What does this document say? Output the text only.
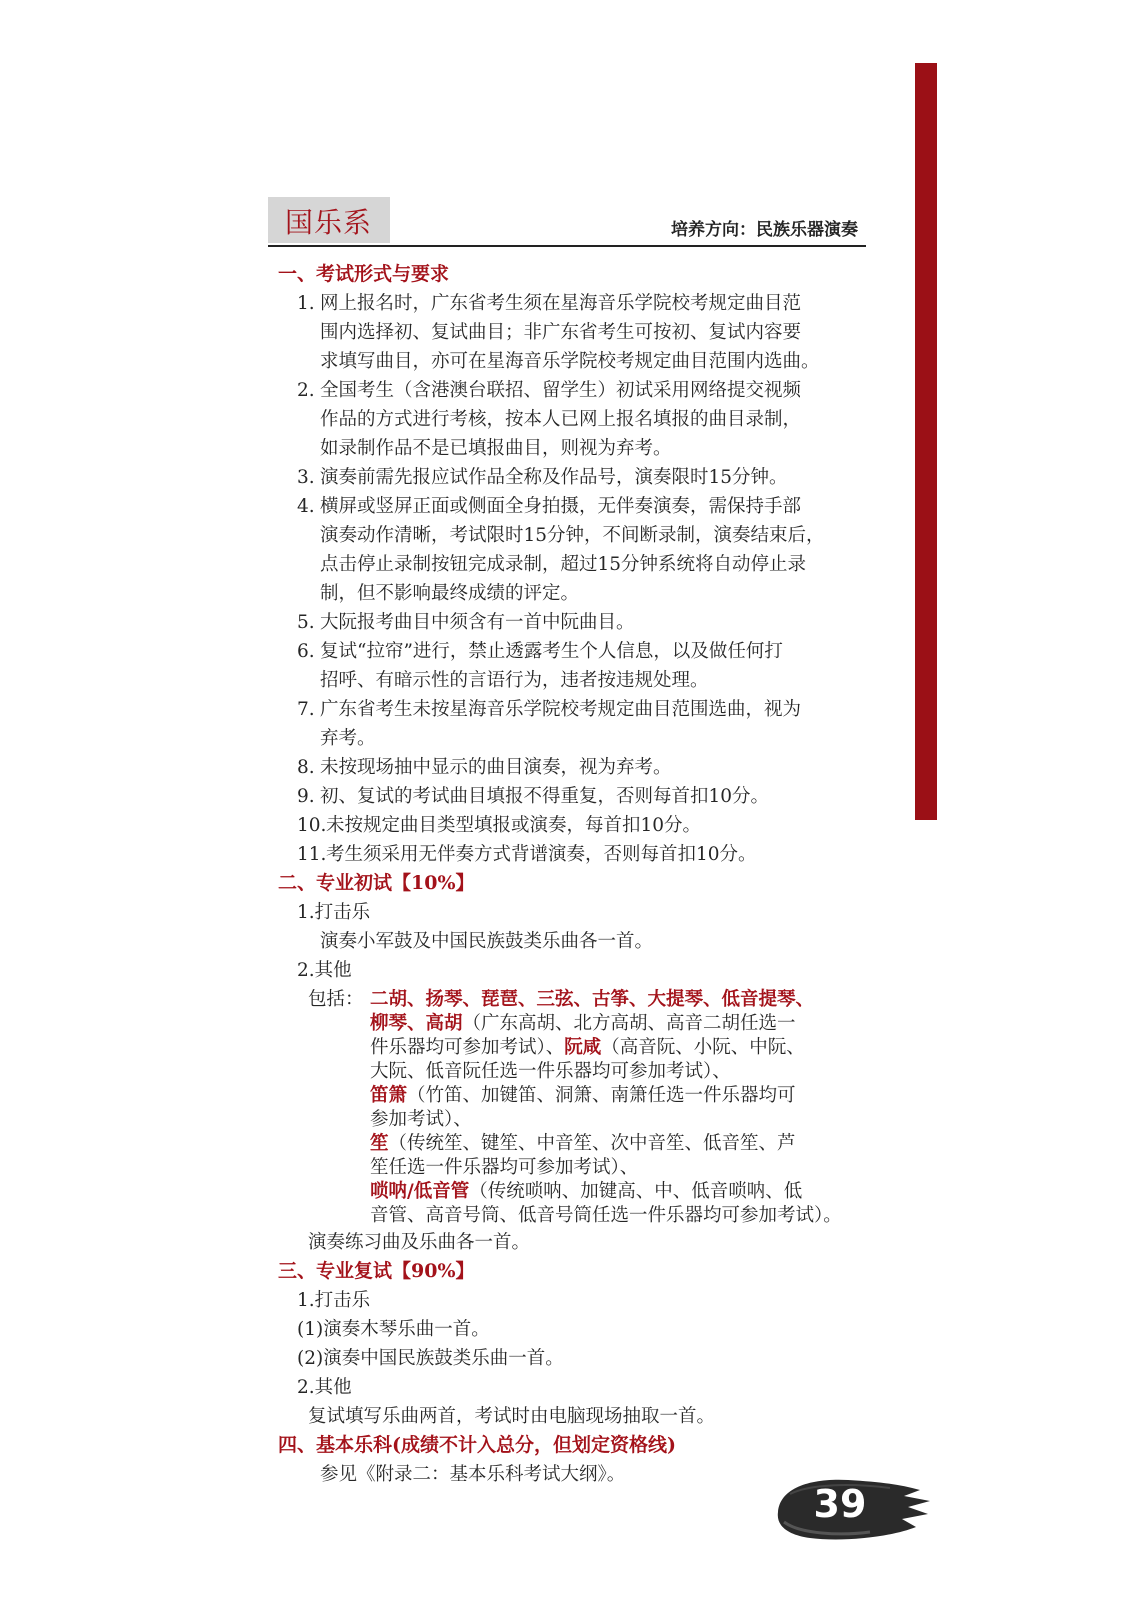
国乐系	培养方向：民族乐器演奏
一、考试形式与要求
1. 网上报名时，广东省考生须在星海音乐学院校考规定曲目范
围内选择初、复试曲目；非广东省考生可按初、复试内容要
求填写曲目，亦可在星海音乐学院校考规定曲目范围内选曲。
2. 全国考生（含港澳台联招、留学生）初试采用网络提交视频
作品的方式进行考核，按本人已网上报名填报的曲目录制，
如录制作品不是已填报曲目，则视为弃考。
3. 演奏前需先报应试作品全称及作品号，演奏限时15分钟。
4. 横屏或竖屏正面或侧面全身拍摄，无伴奏演奏，需保持手部
演奏动作清晰，考试限时15分钟，不间断录制，演奏结束后，
点击停止录制按钮完成录制，超过15分钟系统将自动停止录
制，但不影响最终成绩的评定。
5. 大阮报考曲目中须含有一首中阮曲目。
6. 复试“拉帘”进行，禁止透露考生个人信息，以及做任何打
招呼、有暗示性的言语行为，违者按违规处理。
7. 广东省考生未按星海音乐学院校考规定曲目范围选曲，视为
弃考。
8. 未按现场抽中显示的曲目演奏，视为弃考。
9. 初、复试的考试曲目填报不得重复，否则每首扣10分。
10. 未按规定曲目类型填报或演奏，每首扣10分。
11. 考生须采用无伴奏方式背谱演奏，否则每首扣10分。
二、专业初试【10%】
1.打击乐
演奏小军鼓及中国民族鼓类乐曲各一首。
2.其他
包括： 二胡、扬琴、琵琶、三弦、古筝、大提琴、低音提琴、
柳琴、高胡（广东高胡、北方高胡、高音二胡任选一
件乐器均可参加考试）、阮咸（高音阮、小阮、中阮、
大阮、低音阮任选一件乐器均可参加考试）、
笛箫（竹笛、加键笛、洞箫、南箫任选一件乐器均可
参加考试）、
笙（传统笙、键笙、中音笙、次中音笙、低音笙、芦
笙任选一件乐器均可参加考试）、
唢呐/低音管（传统唢呐、加键高、中、低音唢呐、低
音管、高音号筒、低音号筒任选一件乐器均可参加考试）。
演奏练习曲及乐曲各一首。
三、专业复试【90%】
1.打击乐
(1)演奏木琴乐曲一首。
(2)演奏中国民族鼓类乐曲一首。
2.其他
复试填写乐曲两首，考试时由电脑现场抽取一首。
四、基本乐科(成绩不计入总分，但划定资格线)
参见《附录二：基本乐科考试大纲》。
39
